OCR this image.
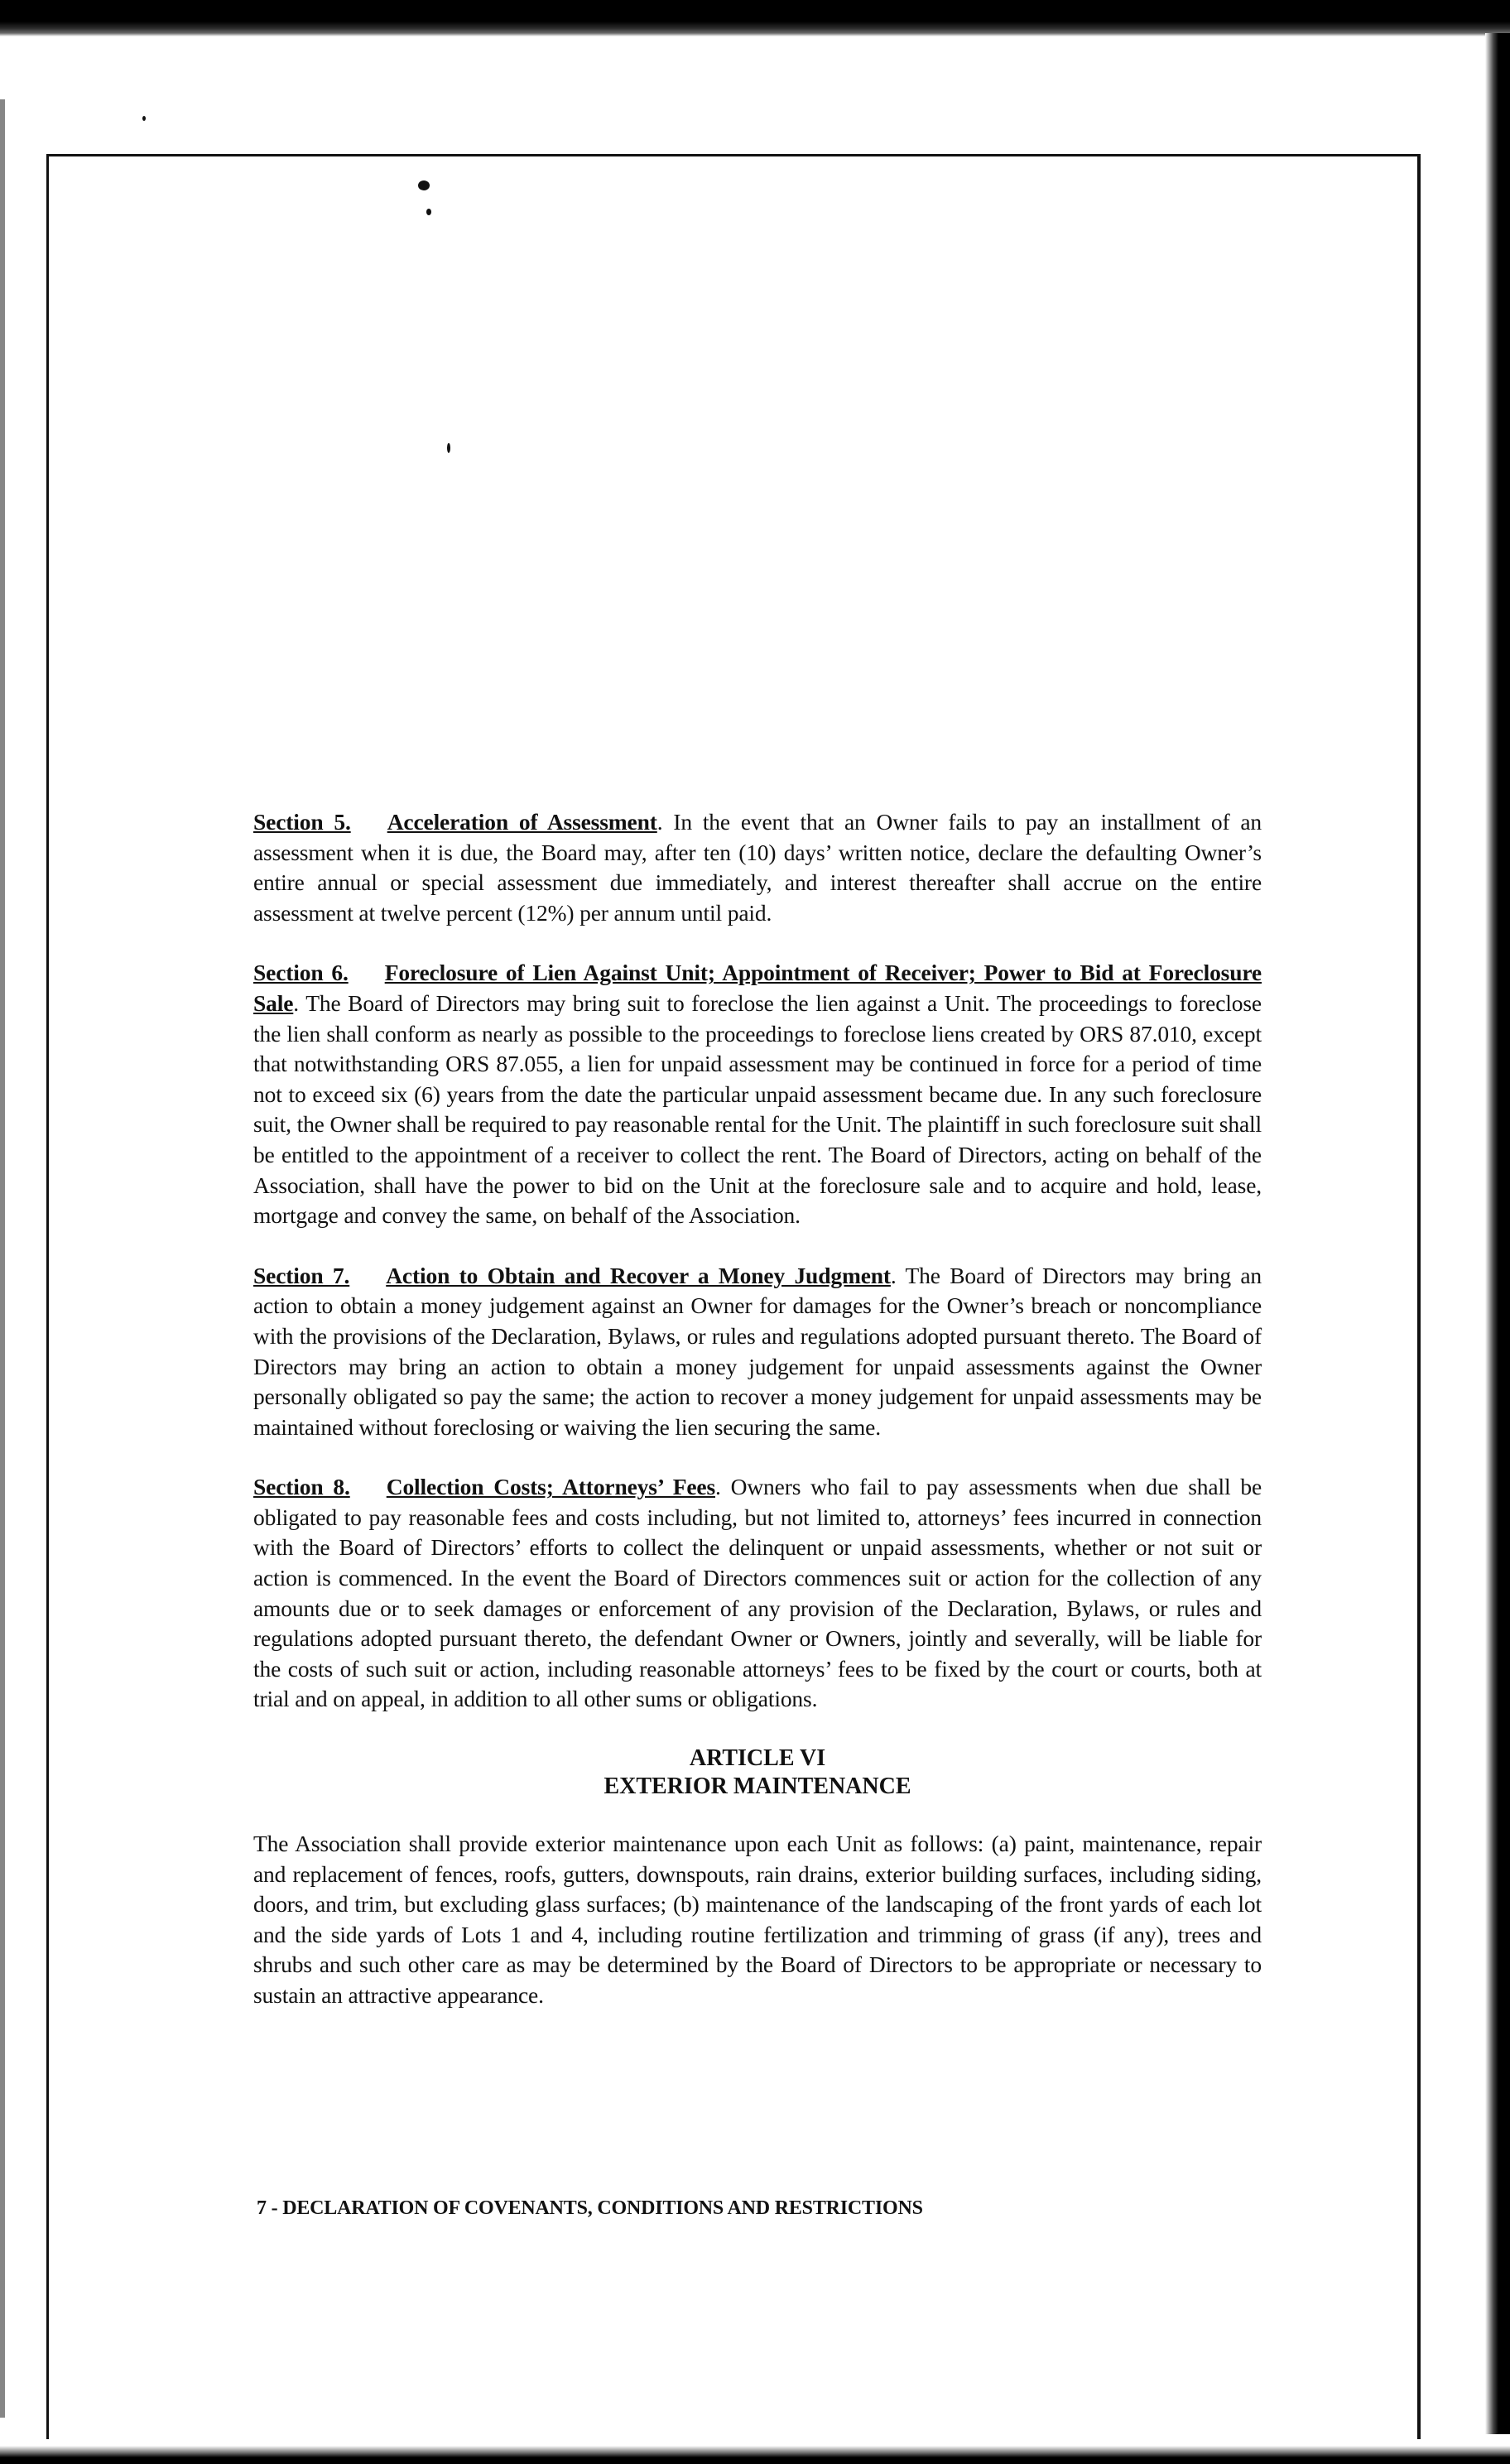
Section 5. Acceleration of Assessment. In the event that an Owner fails to pay an installment of an assessment when it is due, the Board may, after ten (10) days’ written notice, declare the defaulting Owner’s entire annual or special assessment due immediately, and interest thereafter shall accrue on the entire assessment at twelve percent (12%) per annum until paid.

Section 6. Foreclosure of Lien Against Unit; Appointment of Receiver; Power to Bid at Foreclosure Sale. The Board of Directors may bring suit to foreclose the lien against a Unit. The proceedings to foreclose the lien shall conform as nearly as possible to the proceedings to foreclose liens created by ORS 87.010, except that notwithstanding ORS 87.055, a lien for unpaid assessment may be continued in force for a period of time not to exceed six (6) years from the date the particular unpaid assessment became due. In any such foreclosure suit, the Owner shall be required to pay reasonable rental for the Unit. The plaintiff in such foreclosure suit shall be entitled to the appointment of a receiver to collect the rent. The Board of Directors, acting on behalf of the Association, shall have the power to bid on the Unit at the foreclosure sale and to acquire and hold, lease, mortgage and convey the same, on behalf of the Association.

Section 7. Action to Obtain and Recover a Money Judgment. The Board of Directors may bring an action to obtain a money judgement against an Owner for damages for the Owner’s breach or noncompliance with the provisions of the Declaration, Bylaws, or rules and regulations adopted pursuant thereto. The Board of Directors may bring an action to obtain a money judgement for unpaid assessments against the Owner personally obligated so pay the same; the action to recover a money judgement for unpaid assessments may be maintained without foreclosing or waiving the lien securing the same.

Section 8. Collection Costs; Attorneys’ Fees. Owners who fail to pay assessments when due shall be obligated to pay reasonable fees and costs including, but not limited to, attorneys’ fees incurred in connection with the Board of Directors’ efforts to collect the delinquent or unpaid assessments, whether or not suit or action is commenced. In the event the Board of Directors commences suit or action for the collection of any amounts due or to seek damages or enforcement of any provision of the Declaration, Bylaws, or rules and regulations adopted pursuant thereto, the defendant Owner or Owners, jointly and severally, will be liable for the costs of such suit or action, including reasonable attorneys’ fees to be fixed by the court or courts, both at trial and on appeal, in addition to all other sums or obligations.

ARTICLE VI
EXTERIOR MAINTENANCE

The Association shall provide exterior maintenance upon each Unit as follows: (a) paint, maintenance, repair and replacement of fences, roofs, gutters, downspouts, rain drains, exterior building surfaces, including siding, doors, and trim, but excluding glass surfaces; (b) maintenance of the landscaping of the front yards of each lot and the side yards of Lots 1 and 4, including routine fertilization and trimming of grass (if any), trees and shrubs and such other care as may be determined by the Board of Directors to be appropriate or necessary to sustain an attractive appearance.

7 - DECLARATION OF COVENANTS, CONDITIONS AND RESTRICTIONS
